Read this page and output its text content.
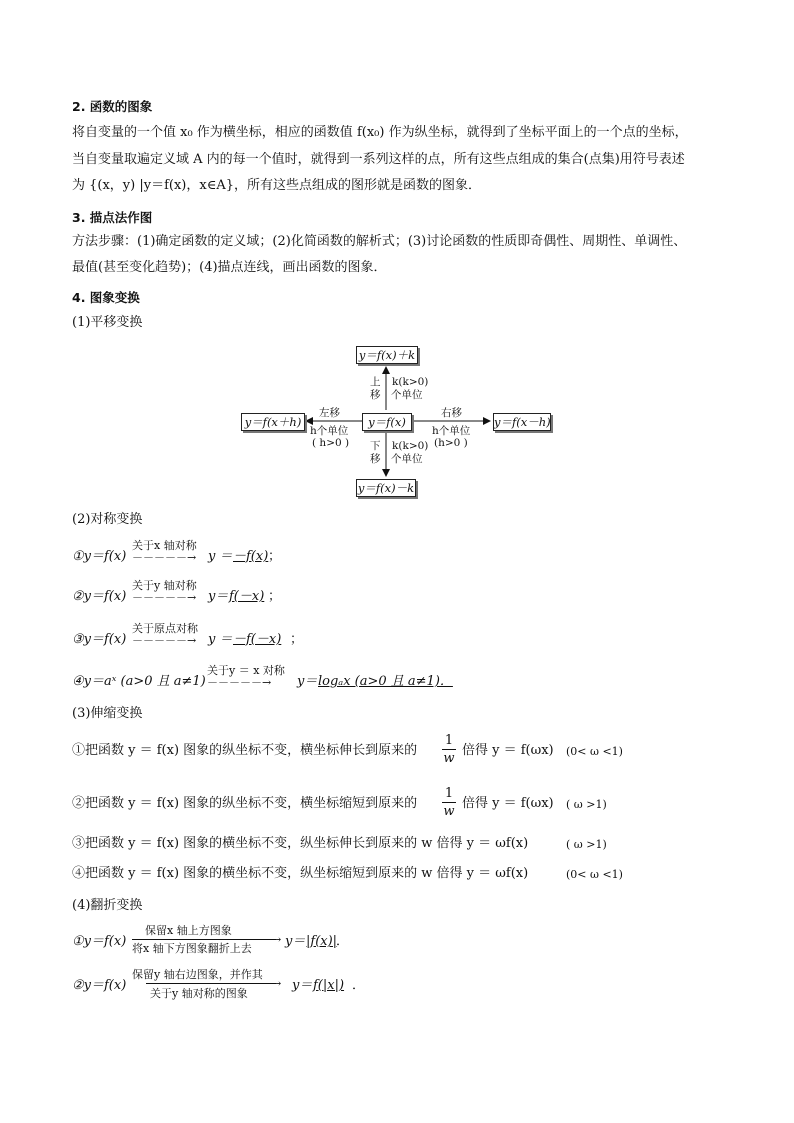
2. 函数的图象
将自变量的一个值 x₀ 作为横坐标，相应的函数值 f(x₀) 作为纵坐标，就得到了坐标平面上的一个点的坐标，
当自变量取遍定义域 A 内的每一个值时，就得到一系列这样的点，所有这些点组成的集合(点集)用符号表述
为 {(x，y) |y＝f(x)，x∈A}，所有这些点组成的图形就是函数的图象．
3. 描点法作图
方法步骤：(1)确定函数的定义域；(2)化简函数的解析式；(3)讨论函数的性质即奇偶性、周期性、单调性、
最值(甚至变化趋势)；(4)描点连线，画出函数的图象．
4. 图象变换
(1)平移变换
y＝f(x)＋k
y＝f(x)
y＝f(x)－k
y＝f(x＋h)	y＝f(x－h)
上
移
k(k>0)
个单位
下
移
k(k>0)
个单位
左移
h个单位
( h>0 )
右移
h个单位
(h>0 )
(2)对称变换
①y＝f(x)
关于x 轴对称
－－－－－→ y ＝ －f(x) ；
②y＝f(x)
关于y 轴对称
－－－－－→ y＝ f(－x) ；
③y＝f(x)
关于原点对称
－－－－－→ y ＝ －f(－x) ；
④y＝aˣ (a>0 且 a≠1)
关于y ＝ x 对称
－－－－－→ y＝ logₐx (a>0 且 a≠1)．
(3)伸缩变换
①把函数 y ＝ f(x) 图象的纵坐标不变，横坐标伸长到原来的
1
w
倍得 y ＝ f(ωx) (0< ω <1)
②把函数 y ＝ f(x) 图象的纵坐标不变，横坐标缩短到原来的
1
w
倍得 y ＝ f(ωx) ( ω >1)
③把函数 y ＝ f(x) 图象的横坐标不变，纵坐标伸长到原来的 w 倍得 y ＝ ωf(x)	( ω >1)
④把函数 y ＝ f(x) 图象的横坐标不变，纵坐标缩短到原来的 w 倍得 y ＝ ωf(x)	(0< ω <1)
(4)翻折变换
①y＝f(x)
保留x 轴上方图象
→
将x 轴下方图象翻折上去	y＝ |f(x)|
．
②y＝f(x)
保留y 轴右边图象，并作其
→
关于y 轴对称的图象
y＝ f(|x|) ．
